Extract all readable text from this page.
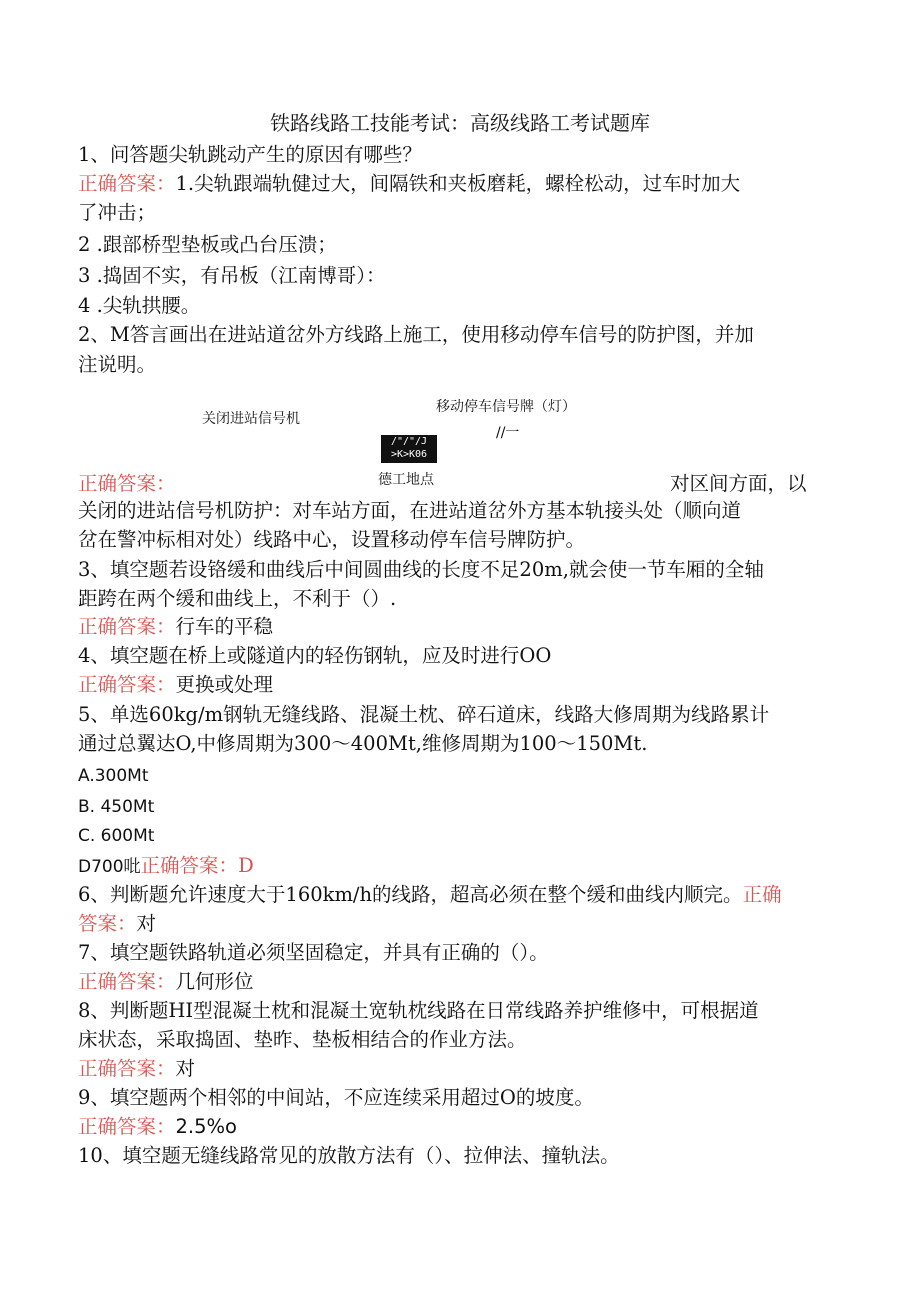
铁路线路工技能考试：高级线路工考试题库
1、问答题尖轨跳动产生的原因有哪些？
正确答案：1.尖轨跟端轨健过大，间隔铁和夹板磨耗，螺栓松动，过车时加大
了冲击；
2 .跟部桥型垫板或凸台压溃；
3 .捣固不实，有吊板（江南博哥）：
4 .尖轨拱腰。
2、M答言画出在进站道岔外方线路上施工，使用移动停车信号的防护图，并加
注说明。
关闭进站信号机
移动停车信号牌（灯）
//一
/"/"/J
>K>K06
德工地点
正确答案：	对区间方面，以
关闭的进站信号机防护：对车站方面，在进站道岔外方基本轨接头处（顺向道
岔在警冲标相对处）线路中心，设置移动停车信号牌防护。
3、填空题若设铬缓和曲线后中间圆曲线的长度不足20m,就会使一节车厢的全轴
距跨在两个缓和曲线上，不利于（）.
正确答案：行车的平稳
4、填空题在桥上或隧道内的轻伤钢轨，应及时进行OO
正确答案：更换或处理
5、单选60kg∕m钢轨无缝线路、混凝土枕、碎石道床，线路大修周期为线路累计
通过总翼达O,中修周期为300〜400Mt,维修周期为100〜150Mt.
A.300Mt
B. 450Mt
C. 600Mt
D700吡正确答案：D
6、判断题允许速度大于160km∕h的线路，超高必须在整个缓和曲线内顺完。正确
答案：对
7、填空题铁路轨道必须坚固稳定，并具有正确的（）。
正确答案：几何形位
8、判断题HI型混凝土枕和混凝土宽轨枕线路在日常线路养护维修中，可根据道
床状态，采取捣固、垫昨、垫板相结合的作业方法。
正确答案：对
9、填空题两个相邻的中间站，不应连续采用超过O的坡度。
正确答案：2.5%o
10、填空题无缝线路常见的放散方法有（）、拉伸法、撞轨法。
